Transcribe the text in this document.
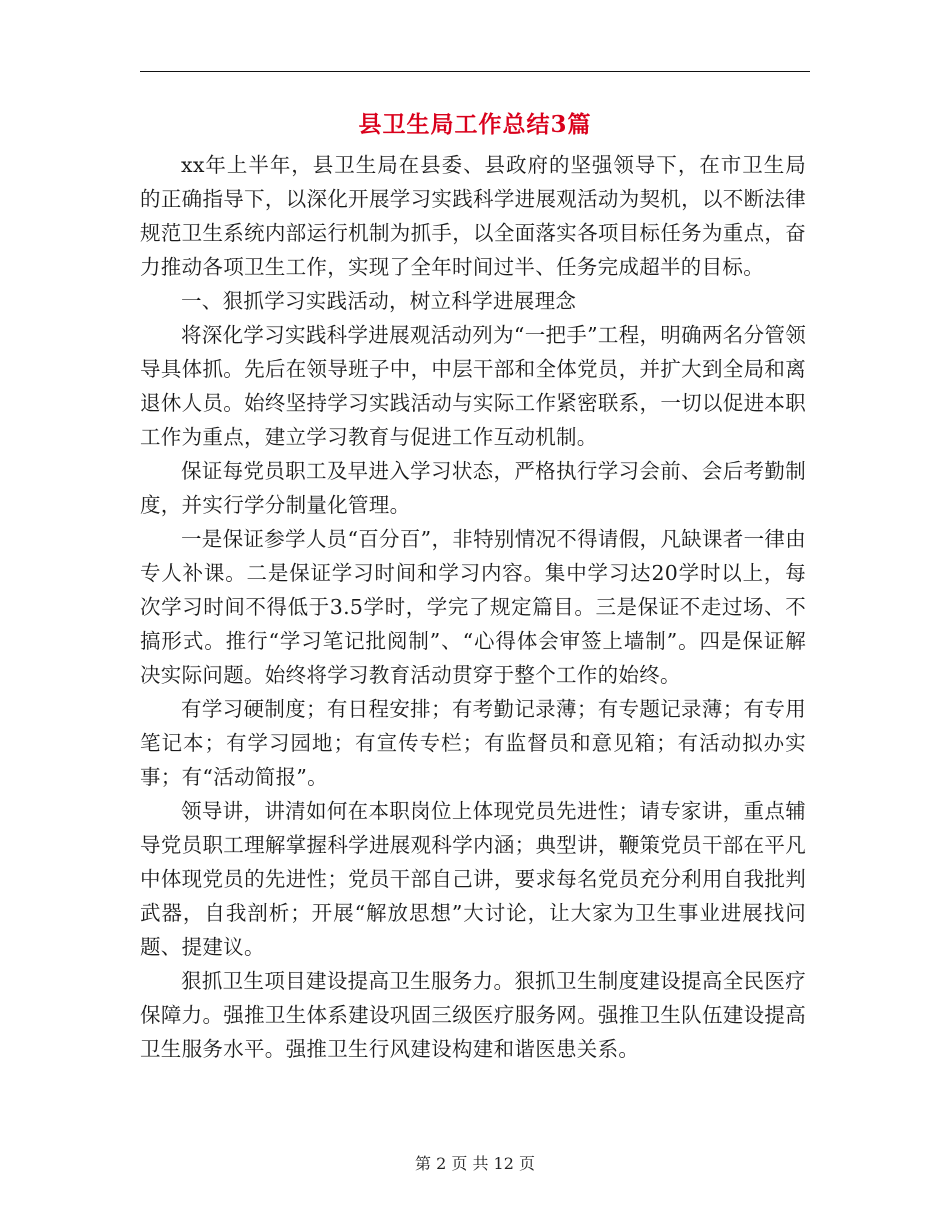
县卫生局工作总结3篇

xx年上半年，县卫生局在县委、县政府的坚强领导下，在市卫生局的正确指导下，以深化开展学习实践科学进展观活动为契机，以不断法律规范卫生系统内部运行机制为抓手，以全面落实各项目标任务为重点，奋力推动各项卫生工作，实现了全年时间过半、任务完成超半的目标。

一、狠抓学习实践活动，树立科学进展理念

将深化学习实践科学进展观活动列为“一把手”工程，明确两名分管领导具体抓。先后在领导班子中，中层干部和全体党员，并扩大到全局和离退休人员。始终坚持学习实践活动与实际工作紧密联系，一切以促进本职工作为重点，建立学习教育与促进工作互动机制。

保证每党员职工及早进入学习状态，严格执行学习会前、会后考勤制度，并实行学分制量化管理。

一是保证参学人员“百分百”，非特别情况不得请假，凡缺课者一律由专人补课。二是保证学习时间和学习内容。集中学习达20学时以上，每次学习时间不得低于3.5学时，学完了规定篇目。三是保证不走过场、不搞形式。推行“学习笔记批阅制”、“心得体会审签上墙制”。四是保证解决实际问题。始终将学习教育活动贯穿于整个工作的始终。

有学习硬制度；有日程安排；有考勤记录薄；有专题记录薄；有专用笔记本；有学习园地；有宣传专栏；有监督员和意见箱；有活动拟办实事；有“活动简报”。

领导讲，讲清如何在本职岗位上体现党员先进性；请专家讲，重点辅导党员职工理解掌握科学进展观科学内涵；典型讲，鞭策党员干部在平凡中体现党员的先进性；党员干部自己讲，要求每名党员充分利用自我批判武器，自我剖析；开展“解放思想”大讨论，让大家为卫生事业进展找问题、提建议。

狠抓卫生项目建设提高卫生服务力。狠抓卫生制度建设提高全民医疗保障力。强推卫生体系建设巩固三级医疗服务网。强推卫生队伍建设提高卫生服务水平。强推卫生行风建设构建和谐医患关系。

第 2 页 共 12 页
